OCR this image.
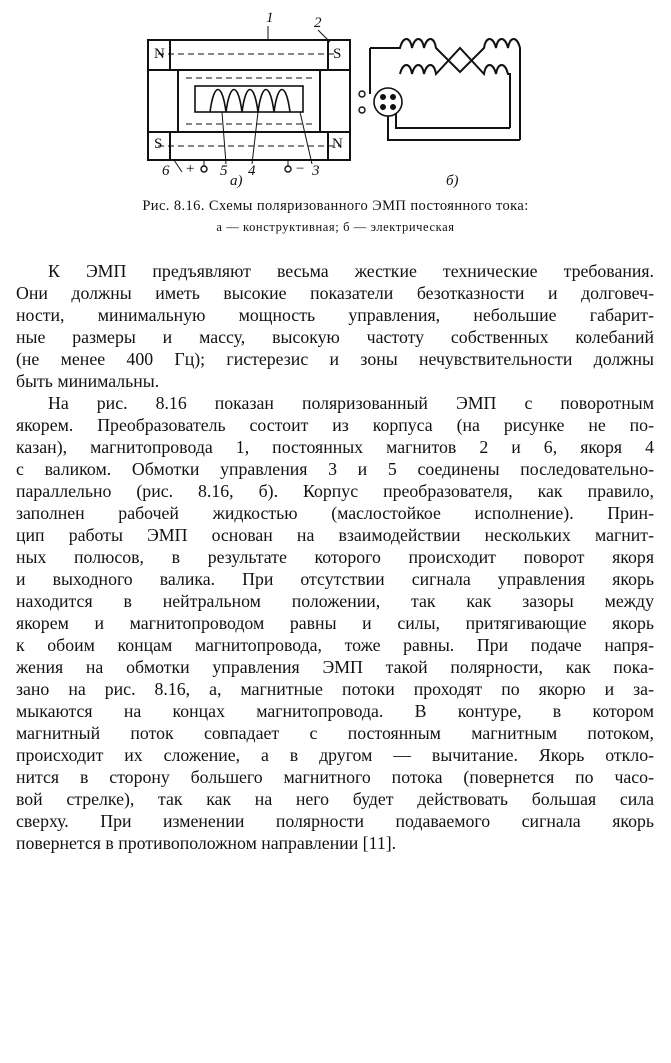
1	2
N	S
S	N
6 + 5 4	− 3
а)	б)

Рис. 8.16. Схемы поляризованного ЭМП постоянного тока:

а — конструктивная; б — электрическая

К ЭМП предъявляют весьма жесткие технические требования.
Они должны иметь высокие показатели безотказности и долговеч-
ности, минимальную мощность управления, небольшие габарит-
ные размеры и массу, высокую частоту собственных колебаний
(не менее 400 Гц); гистерезис и зоны нечувствительности должны
быть минимальны.
На рис. 8.16 показан поляризованный ЭМП с поворотным
якорем. Преобразователь состоит из корпуса (на рисунке не по-
казан), магнитопровода 1, постоянных магнитов 2 и 6, якоря 4
с валиком. Обмотки управления 3 и 5 соединены последовательно-
параллельно (рис. 8.16, б). Корпус преобразователя, как правило,
заполнен рабочей жидкостью (маслостойкое исполнение). Прин-
цип работы ЭМП основан на взаимодействии нескольких магнит-
ных полюсов, в результате которого происходит поворот якоря
и выходного валика. При отсутствии сигнала управления якорь
находится в нейтральном положении, так как зазоры между
якорем и магнитопроводом равны и силы, притягивающие якорь
к обоим концам магнитопровода, тоже равны. При подаче напря-
жения на обмотки управления ЭМП такой полярности, как пока-
зано на рис. 8.16, а, магнитные потоки проходят по якорю и за-
мыкаются на концах магнитопровода. В контуре, в котором
магнитный поток совпадает с постоянным магнитным потоком,
происходит их сложение, а в другом — вычитание. Якорь откло-
нится в сторону большего магнитного потока (повернется по часо-
вой стрелке), так как на него будет действовать большая сила
сверху. При изменении полярности подаваемого сигнала якорь
повернется в противоположном направлении [11].
